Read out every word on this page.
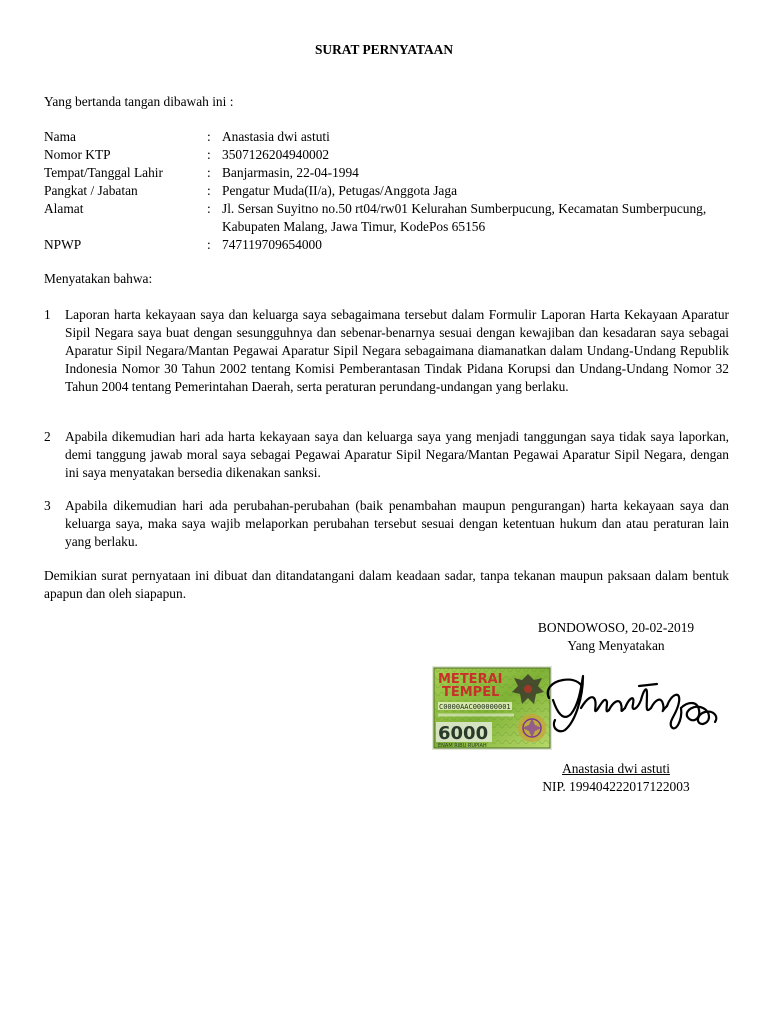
SURAT PERNYATAAN
Yang bertanda tangan dibawah ini :
Nama	: Anastasia dwi astuti
Nomor KTP	: 3507126204940002
Tempat/Tanggal Lahir	: Banjarmasin, 22-04-1994
Pangkat / Jabatan	: Pengatur Muda(II/a), Petugas/Anggota Jaga
Alamat	: Jl. Sersan Suyitno no.50 rt04/rw01 Kelurahan Sumberpucung, Kecamatan Sumberpucung, Kabupaten Malang, Jawa Timur, KodePos 65156
NPWP	: 747119709654000
Menyatakan bahwa:
1 Laporan harta kekayaan saya dan keluarga saya sebagaimana tersebut dalam Formulir Laporan Harta Kekayaan Aparatur Sipil Negara saya buat dengan sesungguhnya dan sebenar-benarnya sesuai dengan kewajiban dan kesadaran saya sebagai Aparatur Sipil Negara/Mantan Pegawai Aparatur Sipil Negara sebagaimana diamanatkan dalam Undang-Undang Republik Indonesia Nomor 30 Tahun 2002 tentang Komisi Pemberantasan Tindak Pidana Korupsi dan Undang-Undang Nomor 32 Tahun 2004 tentang Pemerintahan Daerah, serta peraturan perundang-undangan yang berlaku.
2 Apabila dikemudian hari ada harta kekayaan saya dan keluarga saya yang menjadi tanggungan saya tidak saya laporkan, demi tanggung jawab moral saya sebagai Pegawai Aparatur Sipil Negara/Mantan Pegawai Aparatur Sipil Negara, dengan ini saya menyatakan bersedia dikenakan sanksi.
3 Apabila dikemudian hari ada perubahan-perubahan (baik penambahan maupun pengurangan) harta kekayaan saya dan keluarga saya, maka saya wajib melaporkan perubahan tersebut sesuai dengan ketentuan hukum dan atau peraturan lain yang berlaku.
Demikian surat pernyataan ini dibuat dan ditandatangani dalam keadaan sadar, tanpa tekanan maupun paksaan dalam bentuk apapun dan oleh siapapun.
BONDOWOSO, 20-02-2019
Yang Menyatakan
METERAI
TEMPEL
C0000AAC000000001
6000
ENAM RIBU RUPIAH
Anastasia dwi astuti
NIP. 199404222017122003
